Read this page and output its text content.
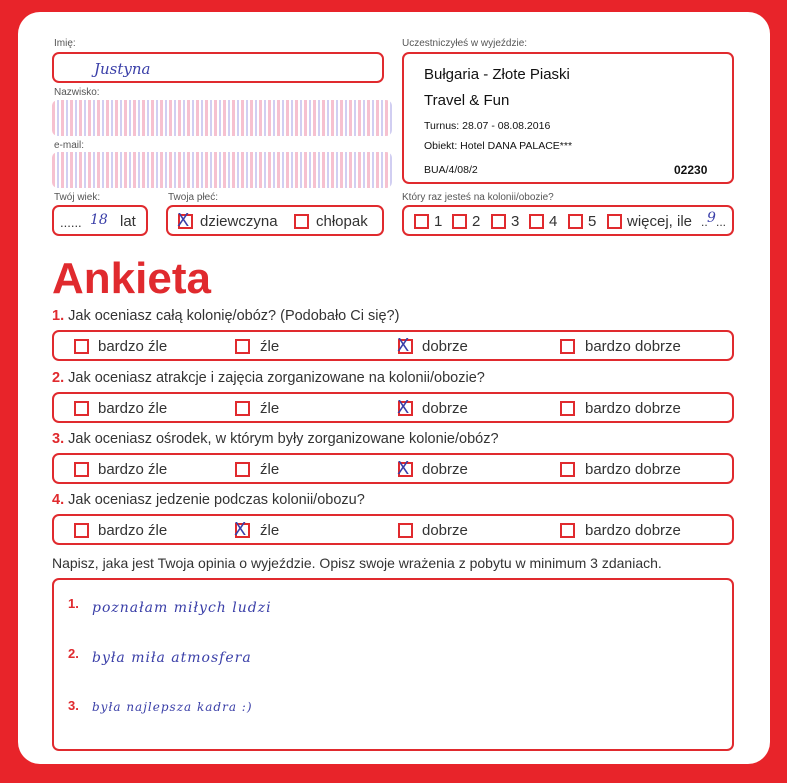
Imię:
Justyna
Nazwisko:
e-mail:
Uczestniczyłeś w wyjeździe:
Bułgaria - Złote Piaski
Travel & Fun
Turnus: 28.07 - 08.08.2016
Obiekt: Hotel DANA PALACE***
BUA/4/08/2	02230
Twój wiek:
...... 18 lat
Twoja płeć:
X dziewczyna	chłopak
Który raz jesteś na kolonii/obozie?
1 2 3 4 5 więcej, ile .. 9 ...
Ankieta
1. Jak oceniasz całą kolonię/obóz? (Podobało Ci się?)
bardzo źle	źle	X dobrze	bardzo dobrze
2. Jak oceniasz atrakcje i zajęcia zorganizowane na kolonii/obozie?
bardzo źle	źle	X dobrze	bardzo dobrze
3. Jak oceniasz ośrodek, w którym były zorganizowane kolonie/obóz?
bardzo źle	źle	X dobrze	bardzo dobrze
4. Jak oceniasz jedzenie podczas kolonii/obozu?
bardzo źle	X źle	dobrze	bardzo dobrze
Napisz, jaka jest Twoja opinia o wyjeździe. Opisz swoje wrażenia z pobytu w minimum 3 zdaniach.
1. poznałam miłych ludzi
2. była miła atmosfera
3. była najlepsza kadra :)
